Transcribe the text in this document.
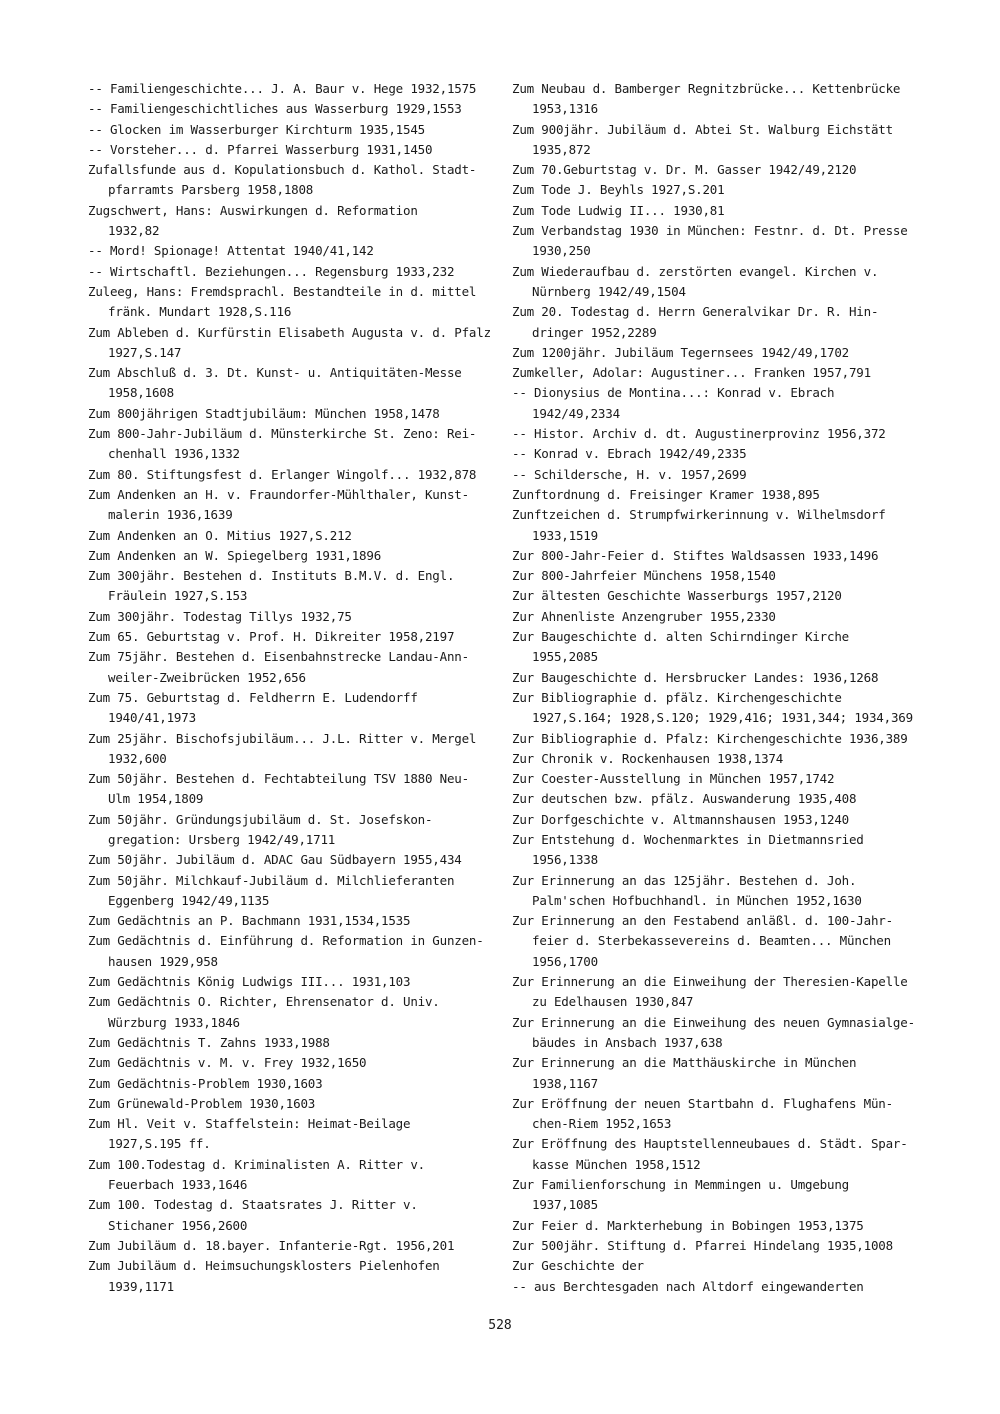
-- Familiengeschichte... J. A. Baur v. Hege 1932,1575
-- Familiengeschichtliches aus Wasserburg 1929,1553
-- Glocken im Wasserburger Kirchturm 1935,1545
-- Vorsteher... d. Pfarrei Wasserburg 1931,1450
Zufallsfunde aus d. Kopulationsbuch d. Kathol. Stadt-
pfarramts Parsberg 1958,1808
Zugschwert, Hans: Auswirkungen d. Reformation
1932,82
-- Mord! Spionage! Attentat 1940/41,142
-- Wirtschaftl. Beziehungen... Regensburg 1933,232
Zuleeg, Hans: Fremdsprachl. Bestandteile in d. mittel
fränk. Mundart 1928,S.116
Zum Ableben d. Kurfürstin Elisabeth Augusta v. d. Pfalz
1927,S.147
Zum Abschluß d. 3. Dt. Kunst- u. Antiquitäten-Messe
1958,1608
Zum 800jährigen Stadtjubiläum: München 1958,1478
Zum 800-Jahr-Jubiläum d. Münsterkirche St. Zeno: Rei-
chenhall 1936,1332
Zum 80. Stiftungsfest d. Erlanger Wingolf... 1932,878
Zum Andenken an H. v. Fraundorfer-Mühlthaler, Kunst-
malerin 1936,1639
Zum Andenken an O. Mitius 1927,S.212
Zum Andenken an W. Spiegelberg 1931,1896
Zum 300jähr. Bestehen d. Instituts B.M.V. d. Engl.
Fräulein 1927,S.153
Zum 300jähr. Todestag Tillys 1932,75
Zum 65. Geburtstag v. Prof. H. Dikreiter 1958,2197
Zum 75jähr. Bestehen d. Eisenbahnstrecke Landau-Ann-
weiler-Zweibrücken 1952,656
Zum 75. Geburtstag d. Feldherrn E. Ludendorff
1940/41,1973
Zum 25jähr. Bischofsjubiläum... J.L. Ritter v. Mergel
1932,600
Zum 50jähr. Bestehen d. Fechtabteilung TSV 1880 Neu-
Ulm 1954,1809
Zum 50jähr. Gründungsjubiläum d. St. Josefskon-
gregation: Ursberg 1942/49,1711
Zum 50jähr. Jubiläum d. ADAC Gau Südbayern 1955,434
Zum 50jähr. Milchkauf-Jubiläum d. Milchlieferanten
Eggenberg 1942/49,1135
Zum Gedächtnis an P. Bachmann 1931,1534,1535
Zum Gedächtnis d. Einführung d. Reformation in Gunzen-
hausen 1929,958
Zum Gedächtnis König Ludwigs III... 1931,103
Zum Gedächtnis O. Richter, Ehrensenator d. Univ.
Würzburg 1933,1846
Zum Gedächtnis T. Zahns 1933,1988
Zum Gedächtnis v. M. v. Frey 1932,1650
Zum Gedächtnis-Problem 1930,1603
Zum Grünewald-Problem 1930,1603
Zum Hl. Veit v. Staffelstein: Heimat-Beilage
1927,S.195 ff.
Zum 100.Todestag d. Kriminalisten A. Ritter v.
Feuerbach 1933,1646
Zum 100. Todestag d. Staatsrates J. Ritter v.
Stichaner 1956,2600
Zum Jubiläum d. 18.bayer. Infanterie-Rgt. 1956,201
Zum Jubiläum d. Heimsuchungsklosters Pielenhofen
1939,1171
Zum Neubau d. Bamberger Regnitzbrücke... Kettenbrücke
1953,1316
Zum 900jähr. Jubiläum d. Abtei St. Walburg Eichstätt
1935,872
Zum 70.Geburtstag v. Dr. M. Gasser 1942/49,2120
Zum Tode J. Beyhls 1927,S.201
Zum Tode Ludwig II... 1930,81
Zum Verbandstag 1930 in München: Festnr. d. Dt. Presse
1930,250
Zum Wiederaufbau d. zerstörten evangel. Kirchen v.
Nürnberg 1942/49,1504
Zum 20. Todestag d. Herrn Generalvikar Dr. R. Hin-
dringer 1952,2289
Zum 1200jähr. Jubiläum Tegernsees 1942/49,1702
Zumkeller, Adolar: Augustiner... Franken 1957,791
-- Dionysius de Montina...: Konrad v. Ebrach
1942/49,2334
-- Histor. Archiv d. dt. Augustinerprovinz 1956,372
-- Konrad v. Ebrach 1942/49,2335
-- Schildersche, H. v. 1957,2699
Zunftordnung d. Freisinger Kramer 1938,895
Zunftzeichen d. Strumpfwirkerinnung v. Wilhelmsdorf
1933,1519
Zur 800-Jahr-Feier d. Stiftes Waldsassen 1933,1496
Zur 800-Jahrfeier Münchens 1958,1540
Zur ältesten Geschichte Wasserburgs 1957,2120
Zur Ahnenliste Anzengruber 1955,2330
Zur Baugeschichte d. alten Schirndinger Kirche
1955,2085
Zur Baugeschichte d. Hersbrucker Landes: 1936,1268
Zur Bibliographie d. pfälz. Kirchengeschichte
1927,S.164; 1928,S.120; 1929,416; 1931,344; 1934,369
Zur Bibliographie d. Pfalz: Kirchengeschichte 1936,389
Zur Chronik v. Rockenhausen 1938,1374
Zur Coester-Ausstellung in München 1957,1742
Zur deutschen bzw. pfälz. Auswanderung 1935,408
Zur Dorfgeschichte v. Altmannshausen 1953,1240
Zur Entstehung d. Wochenmarktes in Dietmannsried
1956,1338
Zur Erinnerung an das 125jähr. Bestehen d. Joh.
Palm'schen Hofbuchhandl. in München 1952,1630
Zur Erinnerung an den Festabend anläßl. d. 100-Jahr-
feier d. Sterbekassevereins d. Beamten... München
1956,1700
Zur Erinnerung an die Einweihung der Theresien-Kapelle
zu Edelhausen 1930,847
Zur Erinnerung an die Einweihung des neuen Gymnasialge-
bäudes in Ansbach 1937,638
Zur Erinnerung an die Matthäuskirche in München
1938,1167
Zur Eröffnung der neuen Startbahn d. Flughafens Mün-
chen-Riem 1952,1653
Zur Eröffnung des Hauptstellenneubaues d. Städt. Spar-
kasse München 1958,1512
Zur Familienforschung in Memmingen u. Umgebung
1937,1085
Zur Feier d. Markterhebung in Bobingen 1953,1375
Zur 500jähr. Stiftung d. Pfarrei Hindelang 1935,1008
Zur Geschichte der
-- aus Berchtesgaden nach Altdorf eingewanderten
528
